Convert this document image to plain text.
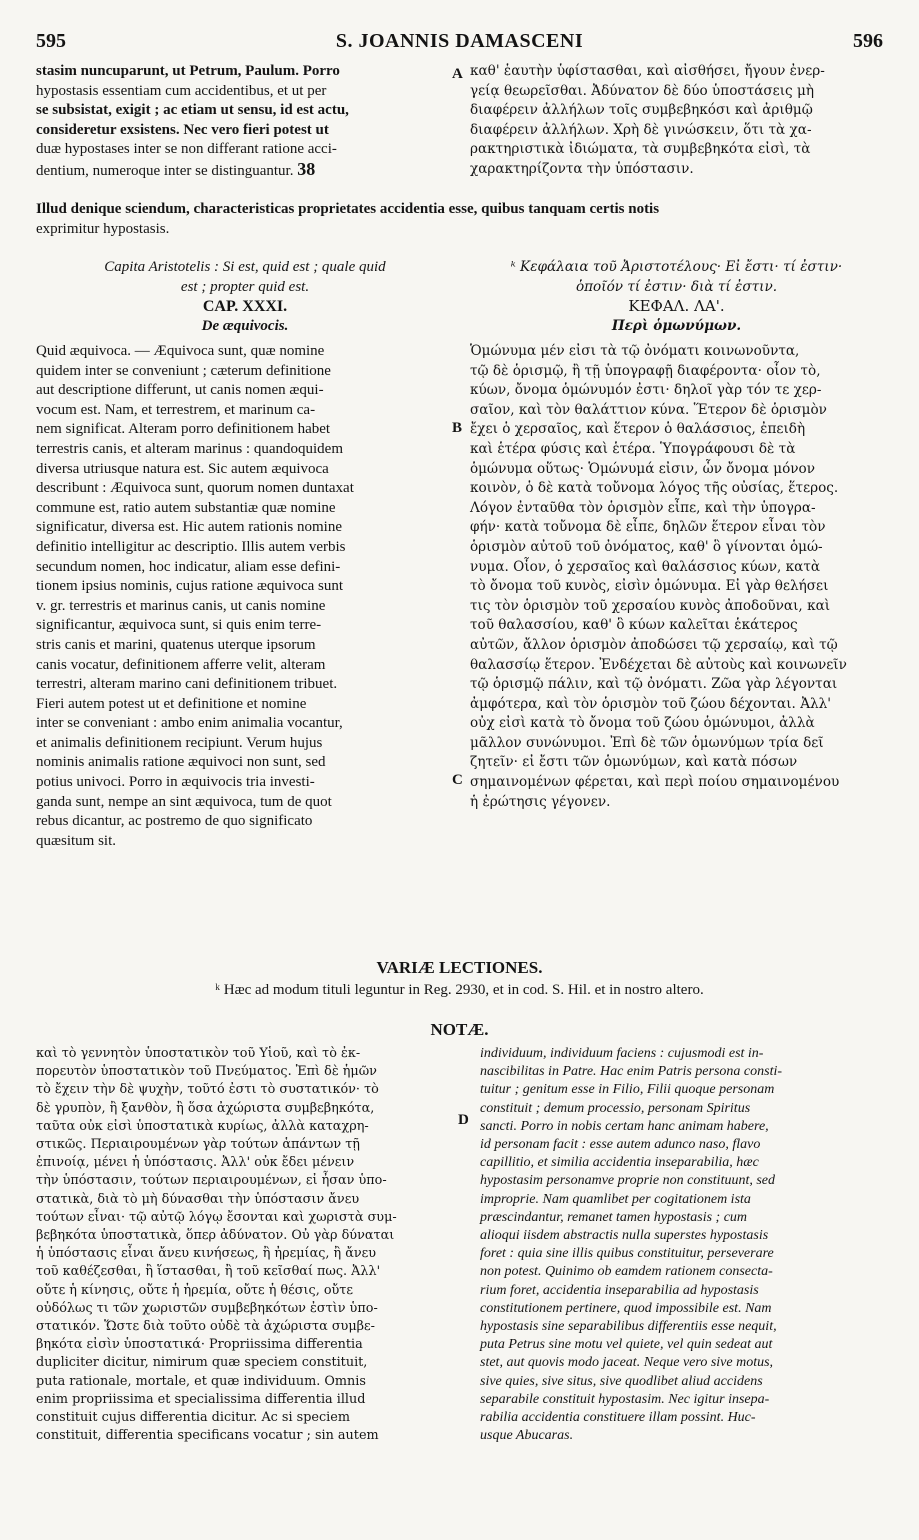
595	S. JOANNIS DAMASCENI	596

stasim nuncuparunt, ut Petrum, Paulum. Porro

hypostasis essentiam cum accidentibus, et ut per

se subsistat, exigit ; ac etiam ut sensu, id est actu,

consideretur exsistens. Nec vero fieri potest ut

duæ hypostases inter se non differant ratione acci-

dentium, numeroque inter se distinguantur. 38

A καθ' ἑαυτὴν ὑφίστασθαι, καὶ αἰσθήσει, ἤγουν ἐνερ-

γείᾳ θεωρεῖσθαι. Ἀδύνατον δὲ δύο ὑποστάσεις μὴ

διαφέρειν ἀλλήλων τοῖς συμβεβηκόσι καὶ ἀριθμῷ

διαφέρειν ἀλλήλων. Χρὴ δὲ γινώσκειν, ὅτι τὰ χα-

ρακτηριστικὰ ἰδιώματα, τὰ συμβεβηκότα εἰσὶ, τὰ

χαρακτηρίζοντα τὴν ὑπόστασιν.

Illud denique sciendum, characteristicas proprietates accidentia esse, quibus tanquam certis notis

exprimitur hypostasis.

Capita Aristotelis : Si est, quid est ; quale quid

est ; propter quid est.

CAP. XXXI.

De æquivocis.

ᵏ Κεφάλαια τοῦ Ἀριστοτέλους· Εἰ ἔστι· τί ἐστιν·

ὁποῖόν τί ἐστιν· διὰ τί ἐστιν.

ΚΕΦΑΛ. ΛΑ'.

Περὶ ὁμωνύμων.

Quid æquivoca. — Æquivoca sunt, quæ nomine

quidem inter se conveniunt ; cæterum definitione

aut descriptione differunt, ut canis nomen æqui-

vocum est. Nam, et terrestrem, et marinum ca-

nem significat. Alteram porro definitionem habet

terrestris canis, et alteram marinus : quandoquidem

diversa utriusque natura est. Sic autem æquivoca

describunt : Æquivoca sunt, quorum nomen duntaxat

commune est, ratio autem substantiæ quæ nomine

significatur, diversa est. Hic autem rationis nomine

definitio intelligitur ac descriptio. Illis autem verbis

secundum nomen, hoc indicatur, aliam esse defini-

tionem ipsius nominis, cujus ratione æquivoca sunt

v. gr. terrestris et marinus canis, ut canis nomine

significantur, æquivoca sunt, si quis enim terre-

stris canis et marini, quatenus uterque ipsorum

canis vocatur, definitionem afferre velit, alteram

terrestri, alteram marino cani definitionem tribuet.

Fieri autem potest ut et definitione et nomine

inter se conveniant : ambo enim animalia vocantur,

et animalis definitionem recipiunt. Verum hujus

nominis animalis ratione æquivoci non sunt, sed

potius univoci. Porro in æquivocis tria investi-

ganda sunt, nempe an sint æquivoca, tum de quot

rebus dicantur, ac postremo de quo significato

quæsitum sit.

Ὁμώνυμα μέν εἰσι τὰ τῷ ὀνόματι κοινωνοῦντα,

τῷ δὲ ὁρισμῷ, ἢ τῇ ὑπογραφῇ διαφέροντα· οἷον τὸ,

κύων, ὄνομα ὁμώνυμόν ἐστι· δηλοῖ γὰρ τόν τε χερ-

σαῖον, καὶ τὸν θαλάττιον κύνα. Ἕτερον δὲ ὁρισμὸν

ἔχει ὁ χερσαῖος, καὶ ἕτερον ὁ θαλάσσιος, ἐπειδὴ

καὶ ἑτέρα φύσις καὶ ἑτέρα. Ὑπογράφουσι δὲ τὰ

ὁμώνυμα οὕτως· Ὁμώνυμά εἰσιν, ὧν ὄνομα μόνον

κοινὸν, ὁ δὲ κατὰ τοὔνομα λόγος τῆς οὐσίας, ἕτερος.

Λόγον ἐνταῦθα τὸν ὁρισμὸν εἶπε, καὶ τὴν ὑπογρα-

φήν· κατὰ τοὔνομα δὲ εἶπε, δηλῶν ἕτερον εἶναι τὸν

ὁρισμὸν αὐτοῦ τοῦ ὀνόματος, καθ' ὃ γίνονται ὁμώ-

νυμα. Οἷον, ὁ χερσαῖος καὶ θαλάσσιος κύων, κατὰ

τὸ ὄνομα τοῦ κυνὸς, εἰσὶν ὁμώνυμα. Εἰ γὰρ θελήσει

τις τὸν ὁρισμὸν τοῦ χερσαίου κυνὸς ἀποδοῦναι, καὶ

τοῦ θαλασσίου, καθ' ὃ κύων καλεῖται ἑκάτερος

αὐτῶν, ἄλλον ὁρισμὸν ἀποδώσει τῷ χερσαίῳ, καὶ τῷ

θαλασσίῳ ἕτερον. Ἐνδέχεται δὲ αὐτοὺς καὶ κοινωνεῖν

τῷ ὁρισμῷ πάλιν, καὶ τῷ ὀνόματι. Ζῶα γὰρ λέγονται

ἀμφότερα, καὶ τὸν ὁρισμὸν τοῦ ζώου δέχονται. Ἀλλ'

οὐχ εἰσὶ κατὰ τὸ ὄνομα τοῦ ζώου ὁμώνυμοι, ἀλλὰ

μᾶλλον συνώνυμοι. Ἐπὶ δὲ τῶν ὁμωνύμων τρία δεῖ

ζητεῖν· εἰ ἔστι τῶν ὁμωνύμων, καὶ κατὰ πόσων

σημαινομένων φέρεται, καὶ περὶ ποίου σημαινομένου

ἡ ἐρώτησις γέγονεν.

B
C
VARIÆ LECTIONES.
ᵏ Hæc ad modum tituli leguntur in Reg. 2930, et in cod. S. Hil. et in nostro altero.
NOTÆ.

καὶ τὸ γεννητὸν ὑποστατικὸν τοῦ Υἱοῦ, καὶ τὸ ἐκ-

πορευτὸν ὑποστατικὸν τοῦ Πνεύματος. Ἐπὶ δὲ ἡμῶν

τὸ ἔχειν τὴν δὲ ψυχὴν, τοῦτό ἐστι τὸ συστατικόν· τὸ

δὲ γρυπὸν, ἢ ξανθὸν, ἢ ὅσα ἀχώριστα συμβεβηκότα,

ταῦτα οὐκ εἰσὶ ὑποστατικὰ κυρίως, ἀλλὰ καταχρη-

στικῶς. Περιαιρουμένων γὰρ τούτων ἁπάντων τῇ

ἐπινοίᾳ, μένει ἡ ὑπόστασις. Ἀλλ' οὐκ ἔδει μένειν

τὴν ὑπόστασιν, τούτων περιαιρουμένων, εἰ ἦσαν ὑπο-

στατικὰ, διὰ τὸ μὴ δύνασθαι τὴν ὑπόστασιν ἄνευ

τούτων εἶναι· τῷ αὐτῷ λόγῳ ἔσονται καὶ χωριστὰ συμ-

βεβηκότα ὑποστατικὰ, ὅπερ ἀδύνατον. Οὐ γὰρ δύναται

ἡ ὑπόστασις εἶναι ἄνευ κινήσεως, ἢ ἠρεμίας, ἢ ἄνευ

τοῦ καθέζεσθαι, ἢ ἵστασθαι, ἢ τοῦ κεῖσθαί πως. Ἀλλ'

οὔτε ἡ κίνησις, οὔτε ἡ ἠρεμία, οὔτε ἡ θέσις, οὔτε

οὐδόλως τι τῶν χωριστῶν συμβεβηκότων ἐστὶν ὑπο-

στατικόν. Ὥστε διὰ τοῦτο οὐδὲ τὰ ἀχώριστα συμβε-

βηκότα εἰσὶν ὑποστατικά· Propriissima differentia

dupliciter dicitur, nimirum quæ speciem constituit,

puta rationale, mortale, et quæ individuum. Omnis

enim propriissima et specialissima differentia illud

constituit cujus differentia dicitur. Ac si speciem

constituit, differentia specificans vocatur ; sin autem

D

individuum, individuum faciens : cujusmodi est in-

nascibilitas in Patre. Hac enim Patris persona consti-

tuitur ; genitum esse in Filio, Filii quoque personam

constituit ; demum processio, personam Spiritus

sancti. Porro in nobis certam hanc animam habere,

id personam facit : esse autem adunco naso, flavo

capillitio, et similia accidentia inseparabilia, hæc

hypostasim personamve proprie non constituunt, sed

improprie. Nam quamlibet per cogitationem ista

præscindantur, remanet tamen hypostasis ; cum

alioqui iisdem abstractis nulla superstes hypostasis

foret : quia sine illis quibus constituitur, perseverare

non potest. Quinimo ob eamdem rationem consecta-

rium foret, accidentia inseparabilia ad hypostasis

constitutionem pertinere, quod impossibile est. Nam

hypostasis sine separabilibus differentiis esse nequit,

puta Petrus sine motu vel quiete, vel quin sedeat aut

stet, aut quovis modo jaceat. Neque vero sive motus,

sive quies, sive situs, sive quodlibet aliud accidens

separabile constituit hypostasim. Nec igitur insepa-

rabilia accidentia constituere illam possint. Huc-

usque Abucaras.
